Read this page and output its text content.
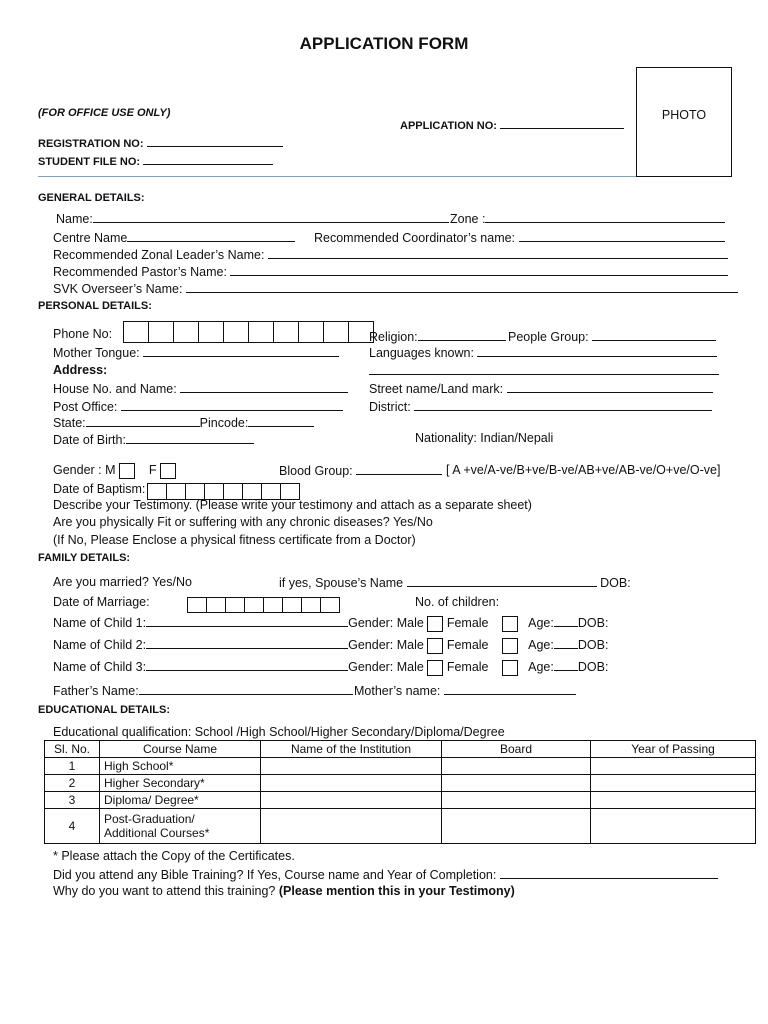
APPLICATION FORM
(FOR OFFICE USE ONLY)
REGISTRATION NO:
STUDENT FILE NO:
APPLICATION NO:
PHOTO
GENERAL DETAILS:
Name:	Zone :
Centre Name	Recommended Coordinator’s name:
Recommended Zonal Leader’s Name:
Recommended Pastor’s Name:
SVK Overseer’s Name:
PERSONAL DETAILS:
Phone No:	Religion:	People Group:
Mother Tongue:	Languages known:
Address:
House No. and Name:	Street name/Land mark:
Post Office:	District:
State:	Pincode:
Date of Birth:	Nationality: Indian/Nepali
Gender : M	F	Blood Group:	[ A +ve/A-ve/B+ve/B-ve/AB+ve/AB-ve/O+ve/O-ve]
Date of Baptism:
Describe your Testimony. (Please write your testimony and attach as a separate sheet)
Are you physically Fit or suffering with any chronic diseases? Yes/No
(If No, Please Enclose a physical fitness certificate from a Doctor)
FAMILY DETAILS:
Are you married? Yes/No	if yes, Spouse’s Name	DOB:
Date of Marriage:	No. of children:
Name of Child 1:	Gender: Male Female	Age: DOB:
Name of Child 2:	Gender: Male Female	Age: DOB:
Name of Child 3:	Gender: Male Female	Age: DOB:
Father’s Name:	Mother’s name:
EDUCATIONAL DETAILS:
Educational qualification: School /High School/Higher Secondary/Diploma/Degree
Sl. No.	Course Name	Name of the Institution	Board	Year of Passing
1	High School*			
2	Higher Secondary*			
3	Diploma/ Degree*			
4	Post-Graduation/
Additional Courses*			

* Please attach the Copy of the Certificates.
Did you attend any Bible Training? If Yes, Course name and Year of Completion:
Why do you want to attend this training? (Please mention this in your Testimony)
